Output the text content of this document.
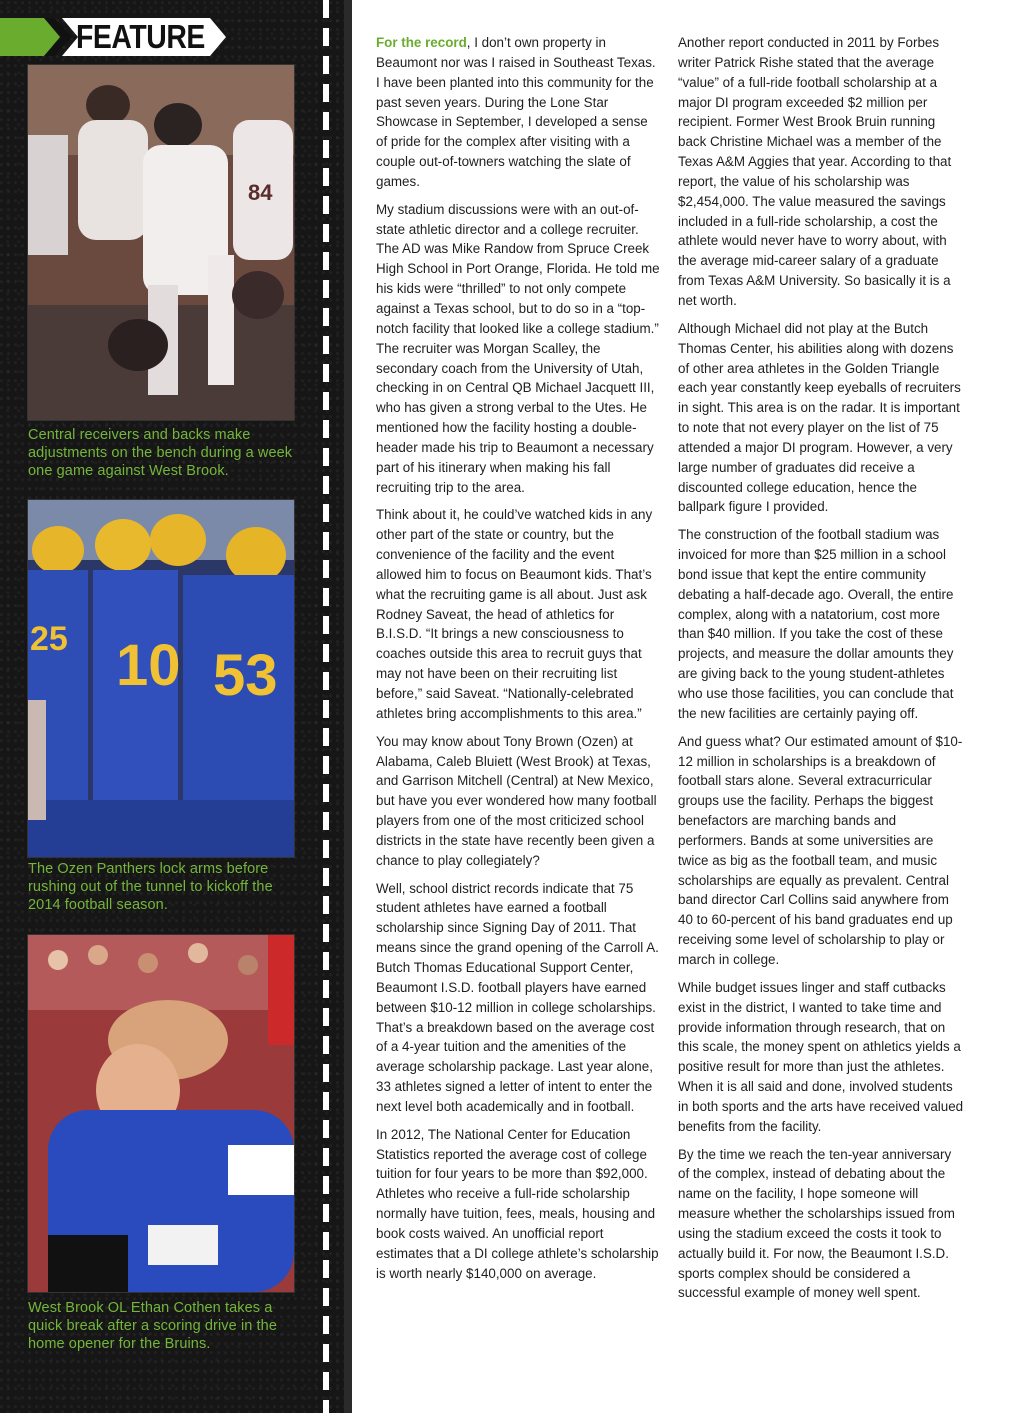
FEATURE
84
Central receivers and backs make adjustments on the bench during a week one game against West Brook.
25 10 53
The Ozen Panthers lock arms before rushing out of the tunnel to kickoff the 2014 football season.
West Brook OL Ethan Cothen takes a quick break after a scoring drive in the home opener for the Bruins.

For the record, I don’t own property in Beaumont nor was I raised in Southeast Texas. I have been planted into this community for the past seven years. During the Lone Star Showcase in September, I developed a sense of pride for the complex after visiting with a couple out-of-towners watching the slate of games.

My stadium discussions were with an out-of-state athletic director and a college recruiter. The AD was Mike Randow from Spruce Creek High School in Port Orange, Florida. He told me his kids were “thrilled” to not only compete against a Texas school, but to do so in a “top-notch facility that looked like a college stadium.” The recruiter was Morgan Scalley, the secondary coach from the University of Utah, checking in on Central QB Michael Jacquett III, who has given a strong verbal to the Utes. He mentioned how the facility hosting a double-header made his trip to Beaumont a necessary part of his itinerary when making his fall recruiting trip to the area.

Think about it, he could’ve watched kids in any other part of the state or country, but the convenience of the facility and the event allowed him to focus on Beaumont kids. That’s what the recruiting game is all about. Just ask Rodney Saveat, the head of athletics for B.I.S.D. “It brings a new consciousness to coaches outside this area to recruit guys that may not have been on their recruiting list before,” said Saveat. “Nationally-celebrated athletes bring accomplishments to this area.”

You may know about Tony Brown (Ozen) at Alabama, Caleb Bluiett (West Brook) at Texas, and Garrison Mitchell (Central) at New Mexico, but have you ever wondered how many football players from one of the most criticized school districts in the state have recently been given a chance to play collegiately?

Well, school district records indicate that 75 student athletes have earned a football scholarship since Signing Day of 2011. That means since the grand opening of the Carroll A. Butch Thomas Educational Support Center, Beaumont I.S.D. football players have earned between $10-12 million in college scholarships. That’s a breakdown based on the average cost of a 4-year tuition and the amenities of the average scholarship package. Last year alone, 33 athletes signed a letter of intent to enter the next level both academically and in football.

In 2012, The National Center for Education Statistics reported the average cost of college tuition for four years to be more than $92,000. Athletes who receive a full-ride scholarship normally have tuition, fees, meals, housing and book costs waived. An unofficial report estimates that a DI college athlete’s scholarship is worth nearly $140,000 on average.

Another report conducted in 2011 by Forbes writer Patrick Rishe stated that the average “value” of a full-ride football scholarship at a major DI program exceeded $2 million per recipient. Former West Brook Bruin running back Christine Michael was a member of the Texas A&M Aggies that year. According to that report, the value of his scholarship was $2,454,000. The value measured the savings included in a full-ride scholarship, a cost the athlete would never have to worry about, with the average mid-career salary of a graduate from Texas A&M University. So basically it is a net worth.

Although Michael did not play at the Butch Thomas Center, his abilities along with dozens of other area athletes in the Golden Triangle each year constantly keep eyeballs of recruiters in sight. This area is on the radar. It is important to note that not every player on the list of 75 attended a major DI program. However, a very large number of graduates did receive a discounted college education, hence the ballpark figure I provided.

The construction of the football stadium was invoiced for more than $25 million in a school bond issue that kept the entire community debating a half-decade ago. Overall, the entire complex, along with a natatorium, cost more than $40 million. If you take the cost of these projects, and measure the dollar amounts they are giving back to the young student-athletes who use those facilities, you can conclude that the new facilities are certainly paying off.

And guess what? Our estimated amount of $10-12 million in scholarships is a breakdown of football stars alone. Several extracurricular groups use the facility. Perhaps the biggest benefactors are marching bands and performers. Bands at some universities are twice as big as the football team, and music scholarships are equally as prevalent. Central band director Carl Collins said anywhere from 40 to 60-percent of his band graduates end up receiving some level of scholarship to play or march in college.

While budget issues linger and staff cutbacks exist in the district, I wanted to take time and provide information through research, that on this scale, the money spent on athletics yields a positive result for more than just the athletes. When it is all said and done, involved students in both sports and the arts have received valued benefits from the facility.

By the time we reach the ten-year anniversary of the complex, instead of debating about the name on the facility, I hope someone will measure whether the scholarships issued from using the stadium exceed the costs it took to actually build it. For now, the Beaumont I.S.D. sports complex should be considered a successful example of money well spent.
